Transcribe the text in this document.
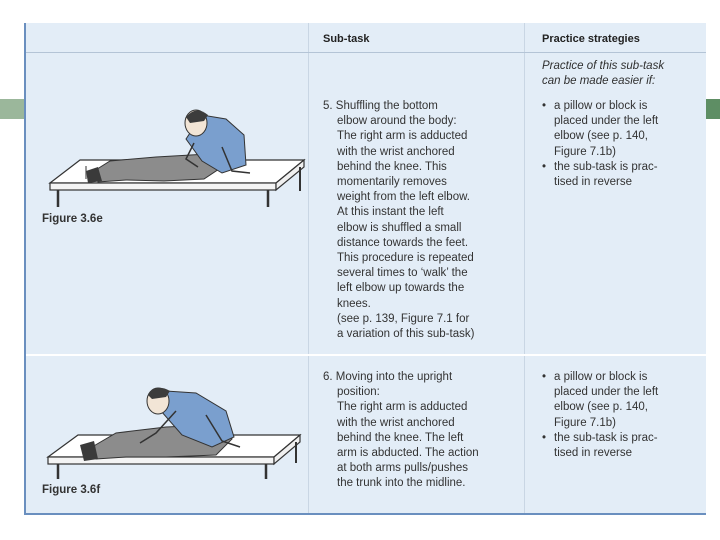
Sub-task	Practice strategies
Practice of this sub-task
can be made easier if:
Figure 3.6e
5. Shuffling the bottom
elbow around the body:
The right arm is adducted
with the wrist anchored
behind the knee. This
momentarily removes
weight from the left elbow.
At this instant the left
elbow is shuffled a small
distance towards the feet.
This procedure is repeated
several times to ‘walk’ the
left elbow up towards the
knees.
(see p. 139, Figure 7.1 for
a variation of this sub-task)
• a pillow or block is
placed under the left
elbow (see p. 140,
Figure 7.1b)
• the sub-task is prac-
tised in reverse
Figure 3.6f
6. Moving into the upright
position:
The right arm is adducted
with the wrist anchored
behind the knee. The left
arm is abducted. The action
at both arms pulls/pushes
the trunk into the midline.
• a pillow or block is
placed under the left
elbow (see p. 140,
Figure 7.1b)
• the sub-task is prac-
tised in reverse
